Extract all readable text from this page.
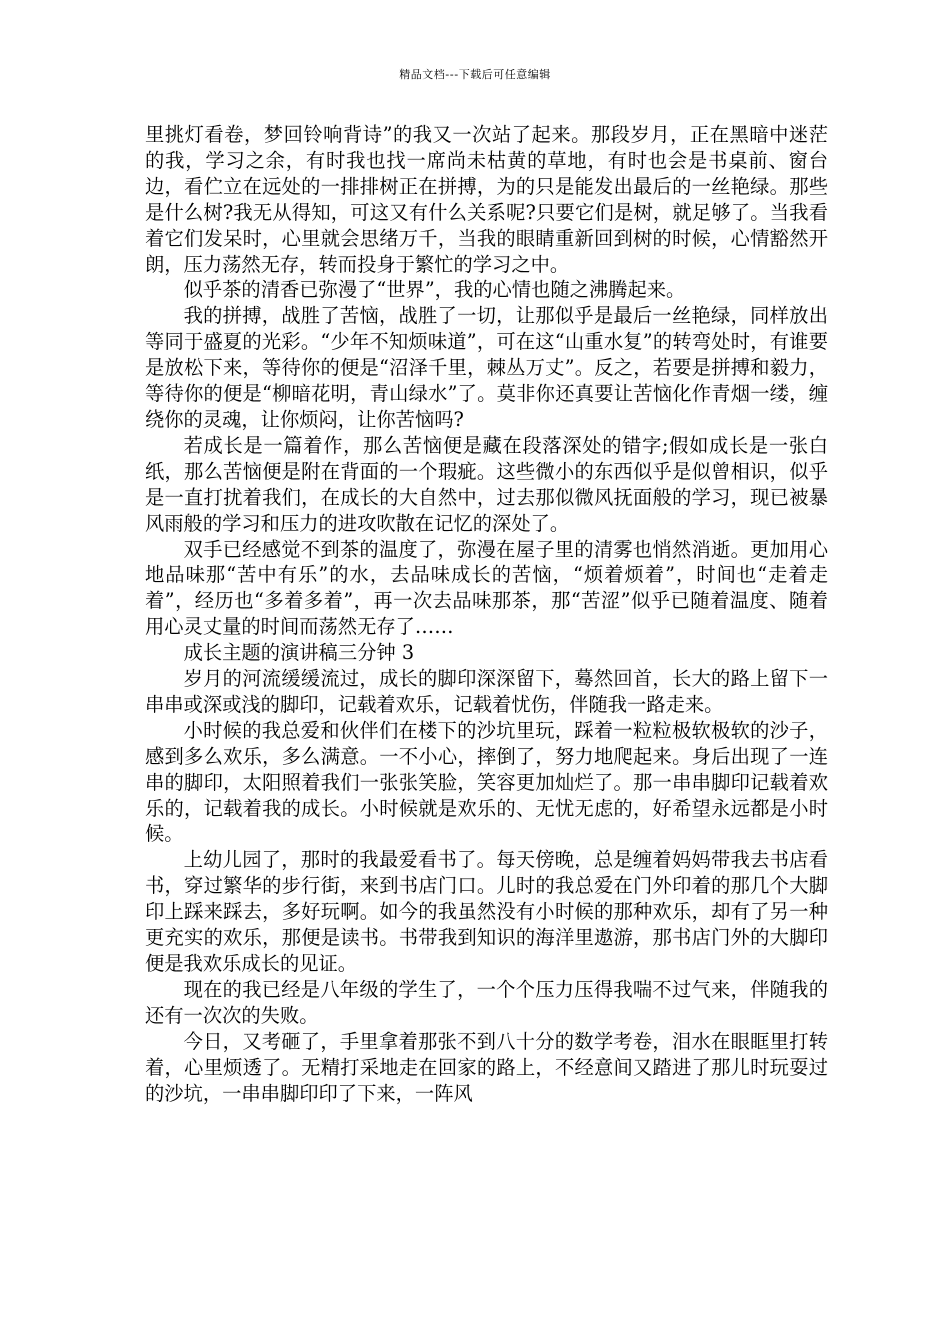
精品文档---下载后可任意编辑

里挑灯看卷，梦回铃响背诗”的我又一次站了起来。那段岁月，正在黑暗中迷茫的我，学习之余，有时我也找一席尚未枯黄的草地，有时也会是书桌前、窗台边，看伫立在远处的一排排树正在拼搏，为的只是能发出最后的一丝艳绿。那些是什么树?我无从得知，可这又有什么关系呢?只要它们是树，就足够了。当我看着它们发呆时，心里就会思绪万千，当我的眼睛重新回到树的时候，心情豁然开朗，压力荡然无存，转而投身于繁忙的学习之中。

似乎茶的清香已弥漫了“世界”，我的心情也随之沸腾起来。

我的拼搏，战胜了苦恼，战胜了一切，让那似乎是最后一丝艳绿，同样放出等同于盛夏的光彩。“少年不知烦味道”，可在这“山重水复”的转弯处时，有谁要是放松下来，等待你的便是“沼泽千里，棘丛万丈”。反之，若要是拼搏和毅力，等待你的便是“柳暗花明，青山绿水”了。莫非你还真要让苦恼化作青烟一缕，缠绕你的灵魂，让你烦闷，让你苦恼吗?

若成长是一篇着作，那么苦恼便是藏在段落深处的错字;假如成长是一张白纸，那么苦恼便是附在背面的一个瑕疵。这些微小的东西似乎是似曾相识，似乎是一直打扰着我们，在成长的大自然中，过去那似微风抚面般的学习，现已被暴风雨般的学习和压力的进攻吹散在记忆的深处了。

双手已经感觉不到茶的温度了，弥漫在屋子里的清雾也悄然消逝。更加用心地品味那“苦中有乐”的水，去品味成长的苦恼，“烦着烦着”，时间也“走着走着”，经历也“多着多着”，再一次去品味那茶，那“苦涩”似乎已随着温度、随着用心灵丈量的时间而荡然无存了……

成长主题的演讲稿三分钟 3

岁月的河流缓缓流过，成长的脚印深深留下，蓦然回首，长大的路上留下一串串或深或浅的脚印，记载着欢乐，记载着忧伤，伴随我一路走来。

小时候的我总爱和伙伴们在楼下的沙坑里玩，踩着一粒粒极软极软的沙子，感到多么欢乐，多么满意。一不小心，摔倒了，努力地爬起来。身后出现了一连串的脚印，太阳照着我们一张张笑脸，笑容更加灿烂了。那一串串脚印记载着欢乐的，记载着我的成长。小时候就是欢乐的、无忧无虑的，好希望永远都是小时候。

上幼儿园了，那时的我最爱看书了。每天傍晚，总是缠着妈妈带我去书店看书，穿过繁华的步行街，来到书店门口。儿时的我总爱在门外印着的那几个大脚印上踩来踩去，多好玩啊。如今的我虽然没有小时候的那种欢乐，却有了另一种更充实的欢乐，那便是读书。书带我到知识的海洋里遨游，那书店门外的大脚印便是我欢乐成长的见证。

现在的我已经是八年级的学生了，一个个压力压得我喘不过气来，伴随我的还有一次次的失败。

今日，又考砸了，手里拿着那张不到八十分的数学考卷，泪水在眼眶里打转着，心里烦透了。无精打采地走在回家的路上，不经意间又踏进了那儿时玩耍过的沙坑，一串串脚印印了下来，一阵风
